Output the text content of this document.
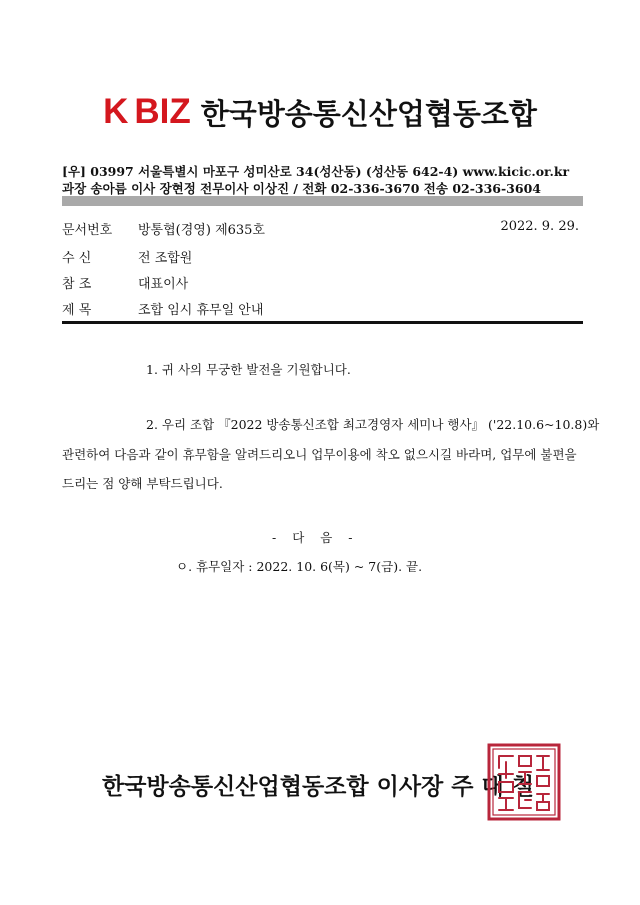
K BIZ 한국방송통신산업협동조합
[우] 03997 서울특별시 마포구 성미산로 34(성산동) (성산동 642-4) www.kicic.or.kr
과장 송아름 이사 장현정 전무이사 이상진 / 전화 02-336-3670 전송 02-336-3604
문서번호 방통협(경영) 제635호	2022. 9. 29.
수 신	전 조합원
참 조	대표이사
제 목	조합 임시 휴무일 안내
1. 귀 사의 무궁한 발전을 기원합니다.
2. 우리 조합 『2022 방송통신조합 최고경영자 세미나 행사』 ('22.10.6~10.8)와
관련하여 다음과 같이 휴무함을 알려드리오니 업무이용에 착오 없으시길 바라며, 업무에 불편을
드리는 점 양해 부탁드립니다.
- 다 음 -
ㅇ. 휴무일자 : 2022. 10. 6(목) ~ 7(금). 끝.
한국방송통신산업협동조합 이사장 주 대 철
